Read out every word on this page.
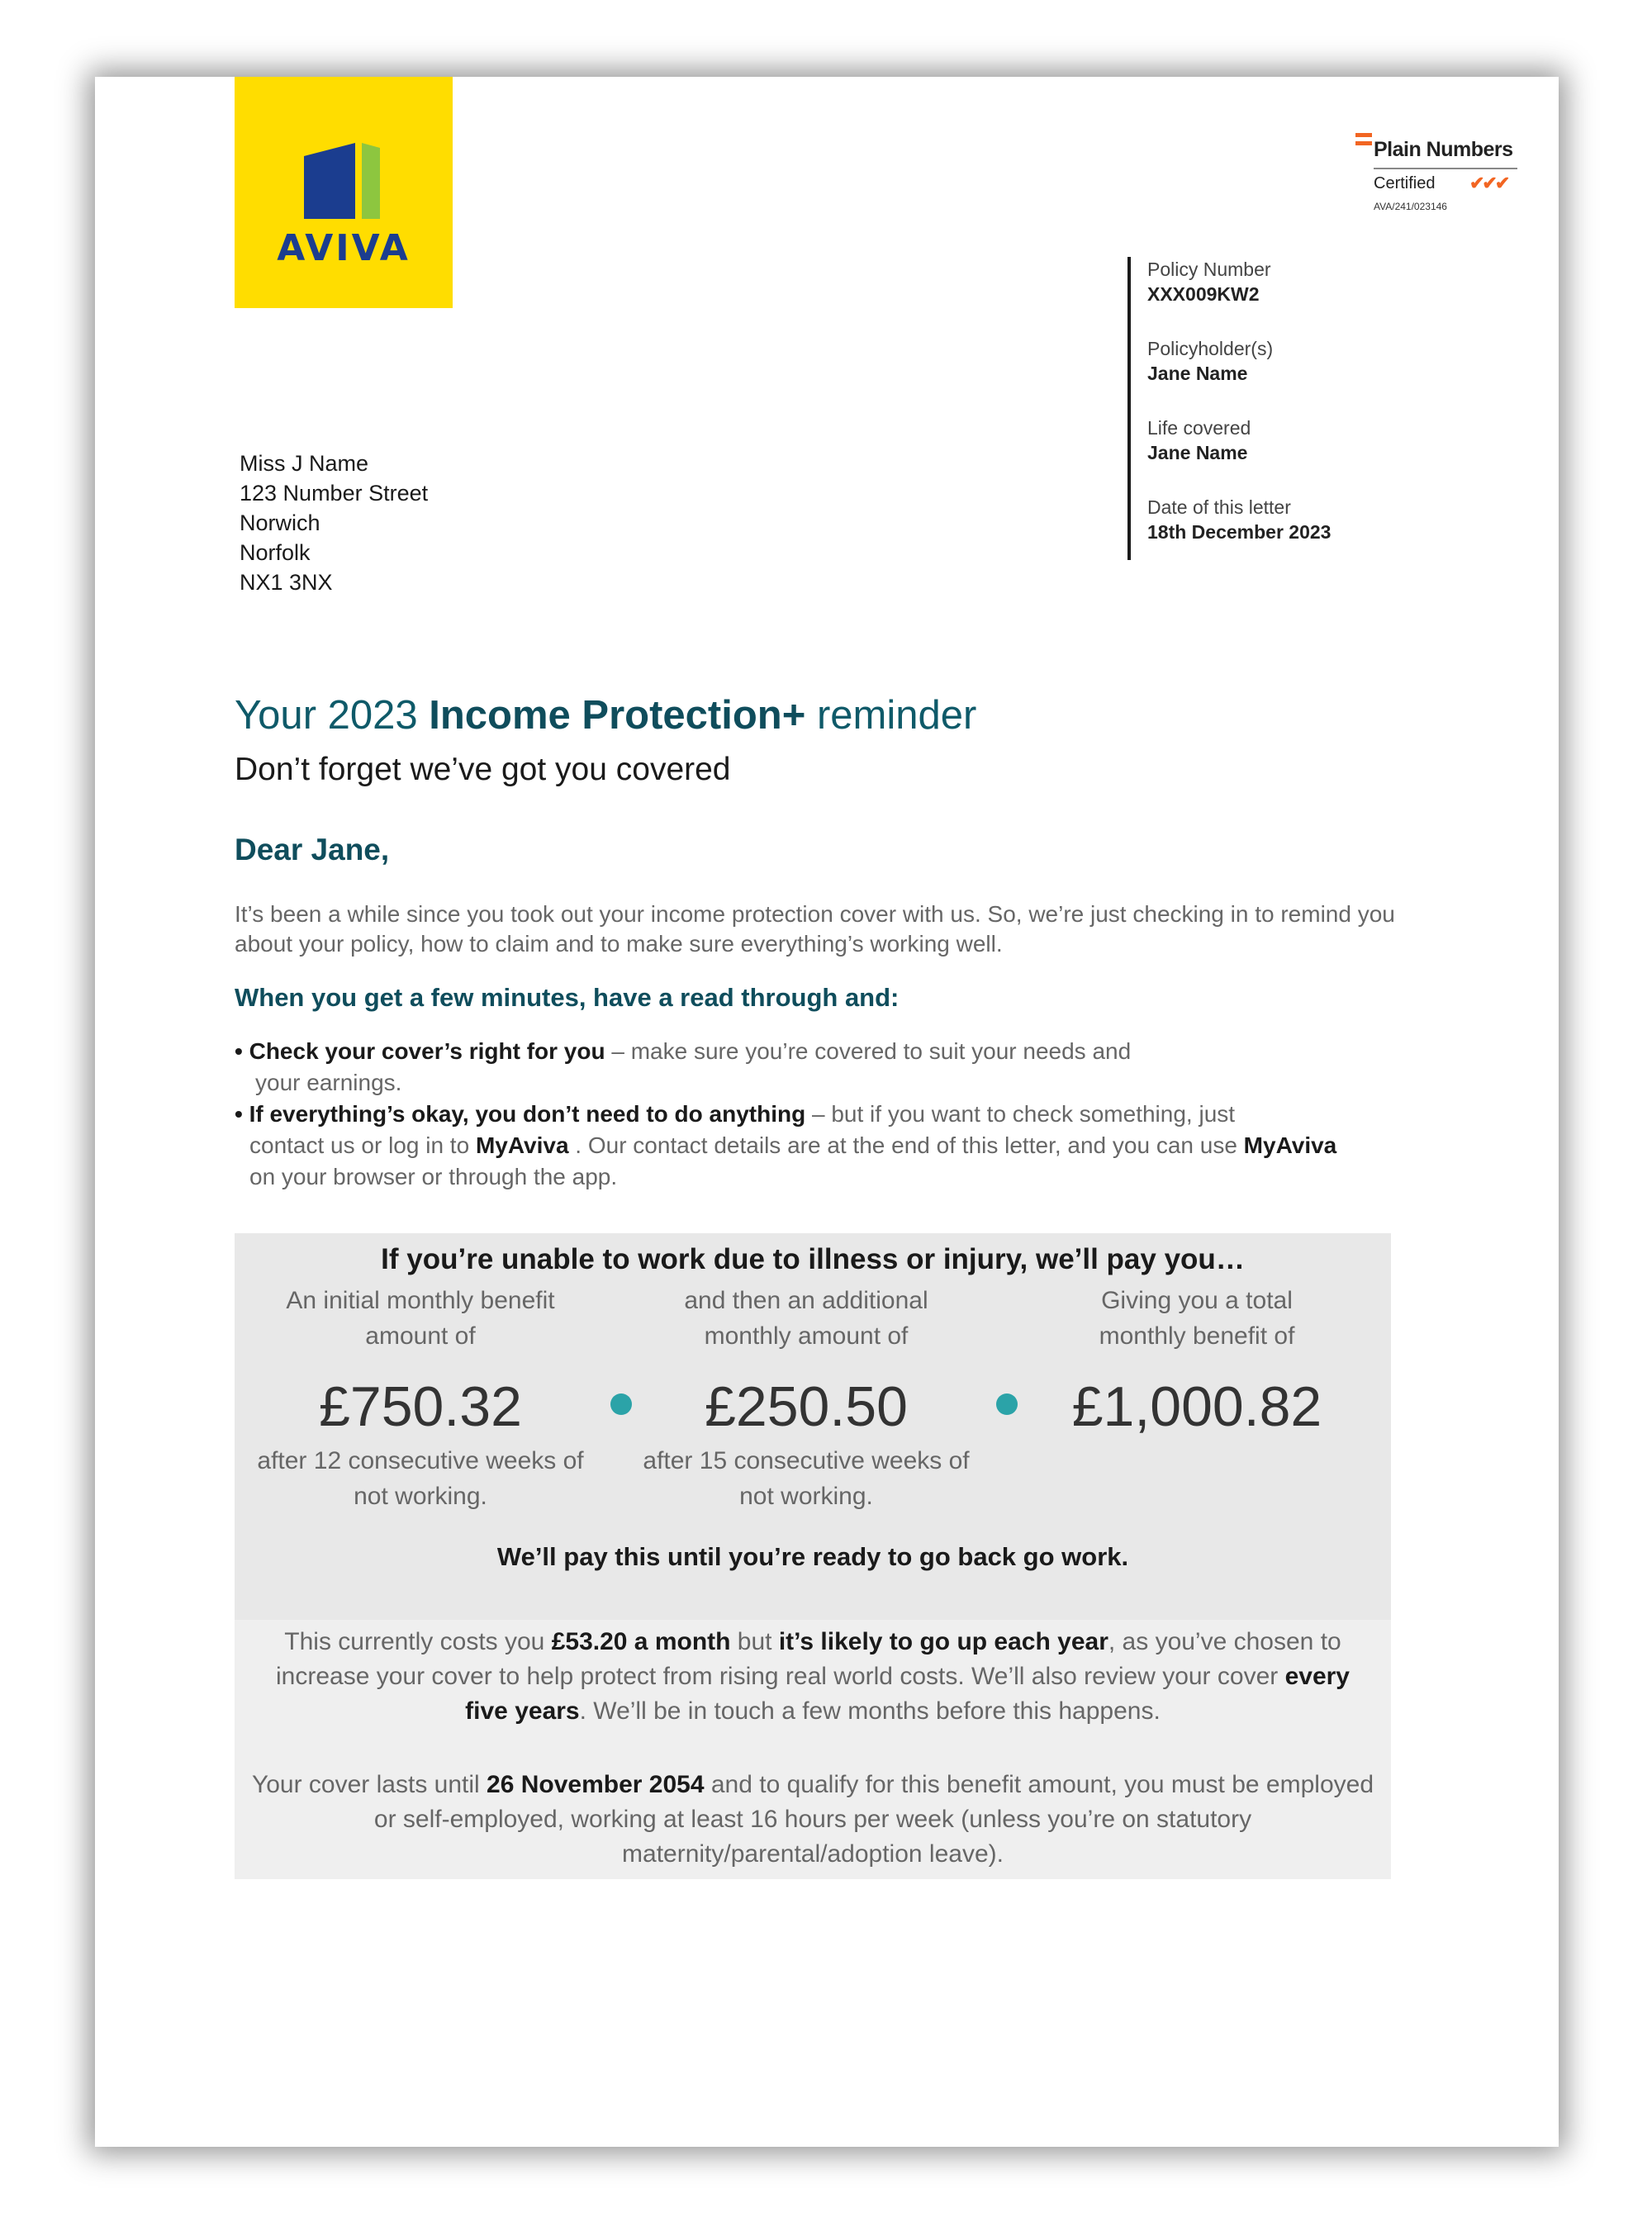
AVIVA
Plain Numbers
Certified ✔✔✔
AVA/241/023146
Policy Number
XXX009KW2
Policyholder(s)
Jane Name
Life covered
Jane Name
Date of this letter
18th December 2023
Miss J Name
123 Number Street
Norwich
Norfolk
NX1 3NX
Your 2023 Income Protection+ reminder
Don’t forget we’ve got you covered
Dear Jane,
It’s been a while since you took out your income protection cover with us. So, we’re just checking in to remind you about your policy, how to claim and to make sure everything’s working well.
When you get a few minutes, have a read through and:
• Check your cover’s right for you – make sure you’re covered to suit your needs and
your earnings.
• If everything’s okay, you don’t need to do anything – but if you want to check something, just
contact us or log in to MyAviva . Our contact details are at the end of this letter, and you can use MyAviva
on your browser or through the app.
If you’re unable to work due to illness or injury, we’ll pay you…
An initial monthly benefit
amount of
£750.32
after 12 consecutive weeks of
not working.
and then an additional
monthly amount of
£250.50
after 15 consecutive weeks of
not working.
Giving you a total
monthly benefit of
£1,000.82
We’ll pay this until you’re ready to go back go work.
This currently costs you £53.20 a month but it’s likely to go up each year, as you’ve chosen to increase your cover to help protect from rising real world costs. We’ll also review your cover every five years. We’ll be in touch a few months before this happens.
Your cover lasts until 26 November 2054 and to qualify for this benefit amount, you must be employed or self-employed, working at least 16 hours per week (unless you’re on statutory maternity/parental/adoption leave).
